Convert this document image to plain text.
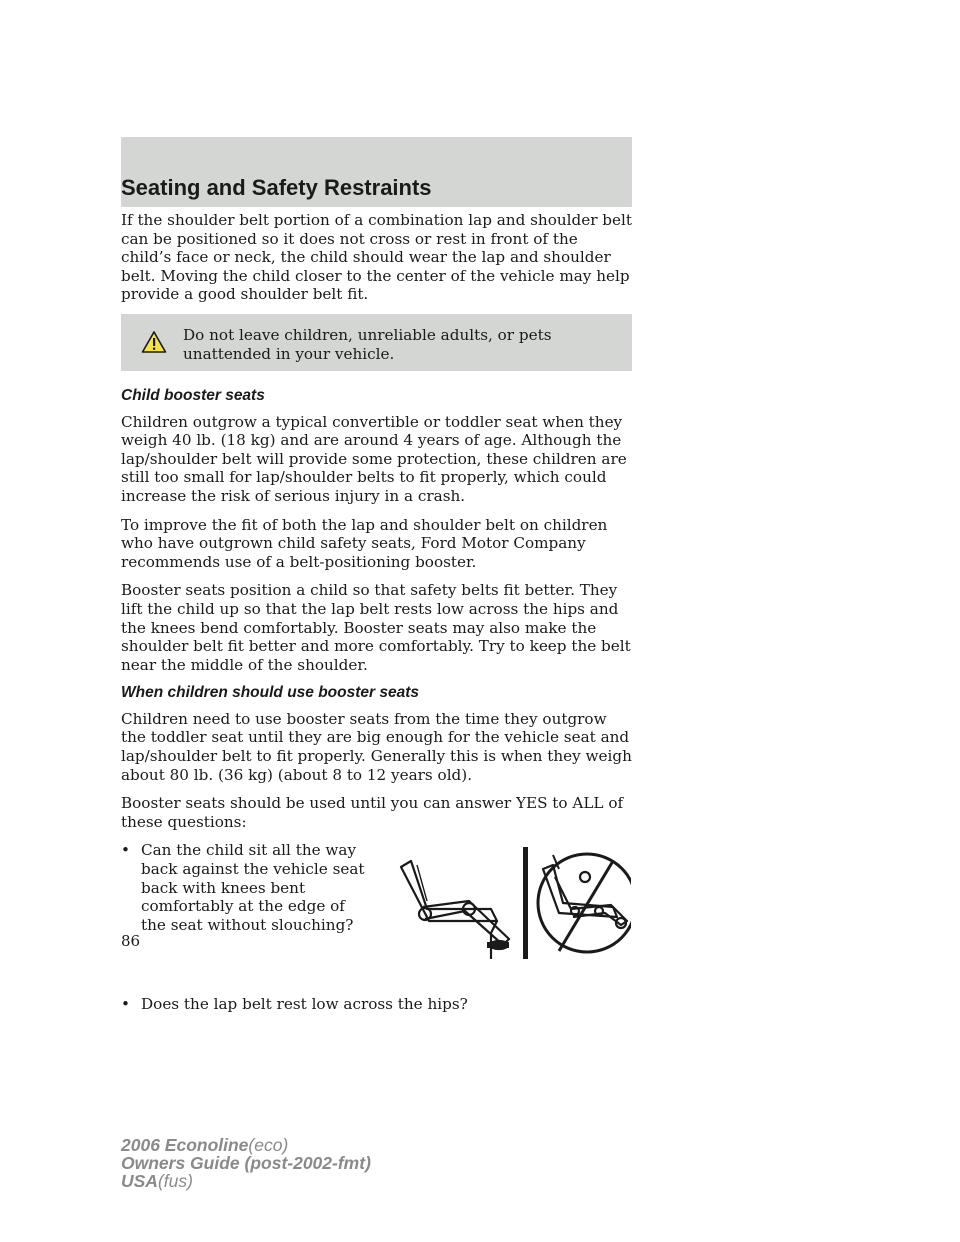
Seating and Safety Restraints

If the shoulder belt portion of a combination lap and shoulder belt can be positioned so it does not cross or rest in front of the child’s face or neck, the child should wear the lap and shoulder belt. Moving the child closer to the center of the vehicle may help provide a good shoulder belt fit.

Do not leave children, unreliable adults, or pets unattended in your vehicle.
Child booster seats

Children outgrow a typical convertible or toddler seat when they weigh 40 lb. (18 kg) and are around 4 years of age. Although the lap/shoulder belt will provide some protection, these children are still too small for lap/shoulder belts to fit properly, which could increase the risk of serious injury in a crash.

To improve the fit of both the lap and shoulder belt on children who have outgrown child safety seats, Ford Motor Company recommends use of a belt-positioning booster.

Booster seats position a child so that safety belts fit better. They lift the child up so that the lap belt rests low across the hips and the knees bend comfortably. Booster seats may also make the shoulder belt fit better and more comfortably. Try to keep the belt near the middle of the shoulder.

When children should use booster seats

Children need to use booster seats from the time they outgrow the toddler seat until they are big enough for the vehicle seat and lap/shoulder belt to fit properly. Generally this is when they weigh about 80 lb. (36 kg) (about 8 to 12 years old).

Booster seats should be used until you can answer YES to ALL of these questions:

• Can the child sit all the way back against the vehicle seat back with knees bent comfortably at the edge of the seat without slouching?
• Does the lap belt rest low across the hips?
86
2006 Econoline(eco)
Owners Guide (post-2002-fmt)
USA(fus)
